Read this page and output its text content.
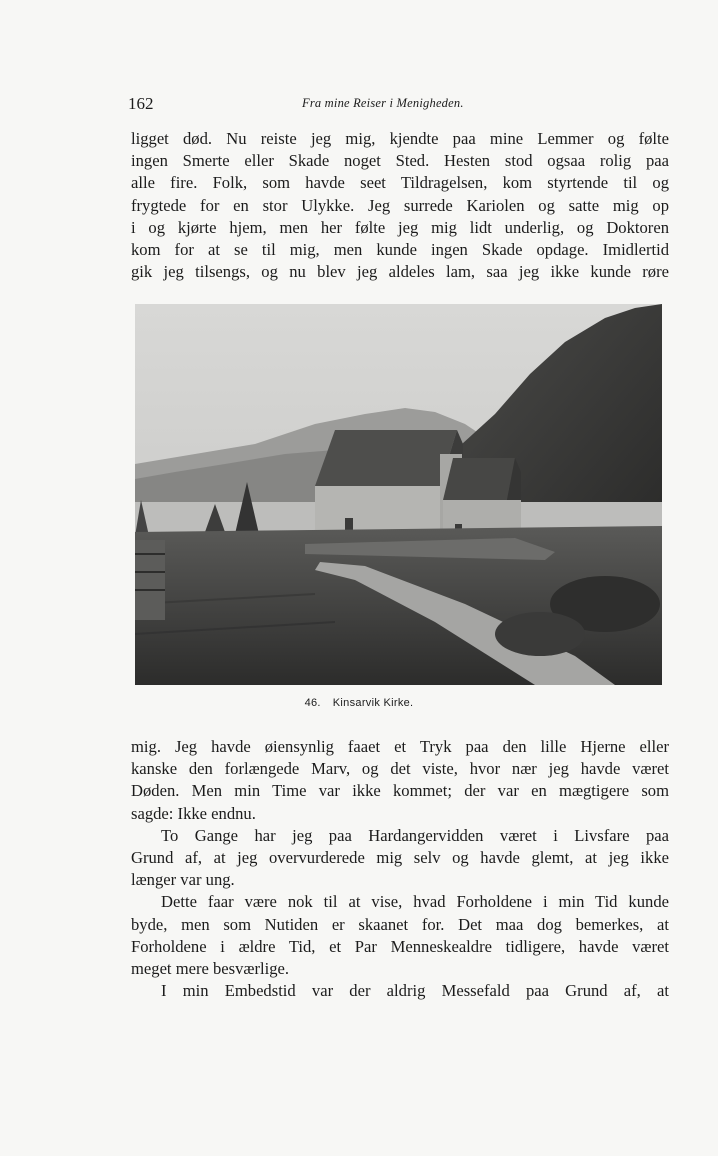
162	Fra mine Reiser i Menigheden.
ligget død. Nu reiste jeg mig, kjendte paa mine Lemmer og følte
ingen Smerte eller Skade noget Sted. Hesten stod ogsaa rolig paa
alle fire. Folk, som havde seet Tildragelsen, kom styrtende til og
frygtede for en stor Ulykke. Jeg surrede Kariolen og satte mig op
i og kjørte hjem, men her følte jeg mig lidt underlig, og Doktoren
kom for at se til mig, men kunde ingen Skade opdage. Imidlertid
gik jeg tilsengs, og nu blev jeg aldeles lam, saa jeg ikke kunde røre
46. Kinsarvik Kirke.
mig. Jeg havde øiensynlig faaet et Tryk paa den lille Hjerne eller
kanske den forlængede Marv, og det viste, hvor nær jeg havde været
Døden. Men min Time var ikke kommet; der var en mægtigere som
sagde: Ikke endnu.
To Gange har jeg paa Hardangervidden været i Livsfare paa
Grund af, at jeg overvurderede mig selv og havde glemt, at jeg ikke
længer var ung.
Dette faar være nok til at vise, hvad Forholdene i min Tid kunde
byde, men som Nutiden er skaanet for. Det maa dog bemerkes, at
Forholdene i ældre Tid, et Par Menneskealdre tidligere, havde været
meget mere besværlige.
I min Embedstid var der aldrig Messefald paa Grund af, at
